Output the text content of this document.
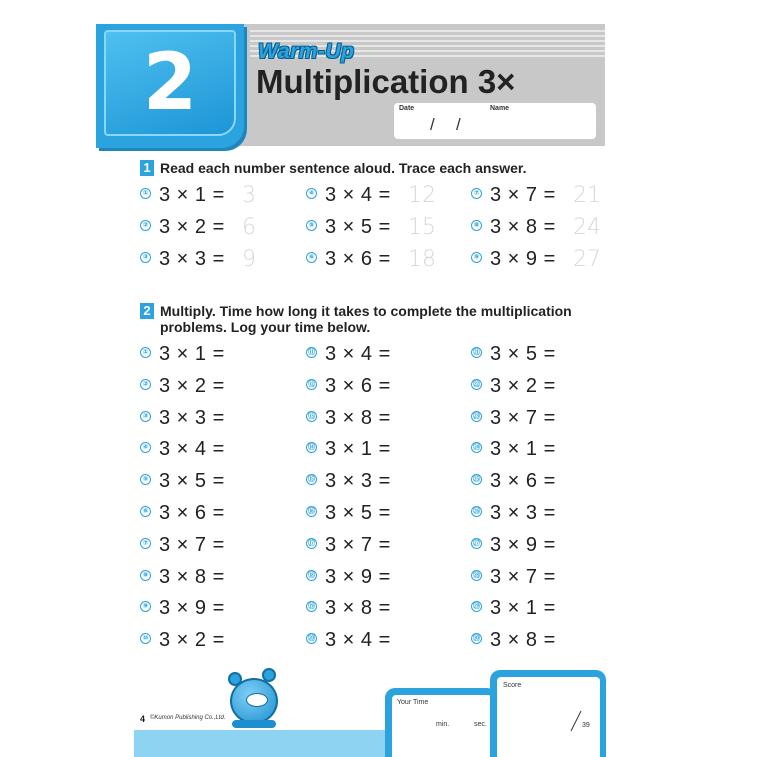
2	Warm-Up
Multiplication 3×
Date	Name
/ /
1 Read each number sentence aloud. Trace each answer.
① 3 × 1 = 3
② 3 × 2 = 6
③ 3 × 3 = 9
④ 3 × 4 = 12
⑤ 3 × 5 = 15
⑥ 3 × 6 = 18
⑦ 3 × 7 = 21
⑧ 3 × 8 = 24
⑨ 3 × 9 = 27
2 Multiply. Time how long it takes to complete the multiplication
problems. Log your time below.
① 3 × 1 =
② 3 × 2 =
③ 3 × 3 =
④ 3 × 4 =
⑤ 3 × 5 =
⑥ 3 × 6 =
⑦ 3 × 7 =
⑧ 3 × 8 =
⑨ 3 × 9 =
⑩ 3 × 2 =
⑪ 3 × 4 =
⑫ 3 × 6 =
⑬ 3 × 8 =
⑭ 3 × 1 =
⑮ 3 × 3 =
⑯ 3 × 5 =
⑰ 3 × 7 =
⑱ 3 × 9 =
⑲ 3 × 8 =
⑳ 3 × 4 =
㉑ 3 × 5 =
㉒ 3 × 2 =
㉓ 3 × 7 =
㉔ 3 × 1 =
㉕ 3 × 6 =
㉖ 3 × 3 =
㉗ 3 × 9 =
㉘ 3 × 7 =
㉙ 3 × 1 =
㉚ 3 × 8 =
Your Time
min.	sec.
Score
39
4 ©Kumon Publishing Co.,Ltd.
